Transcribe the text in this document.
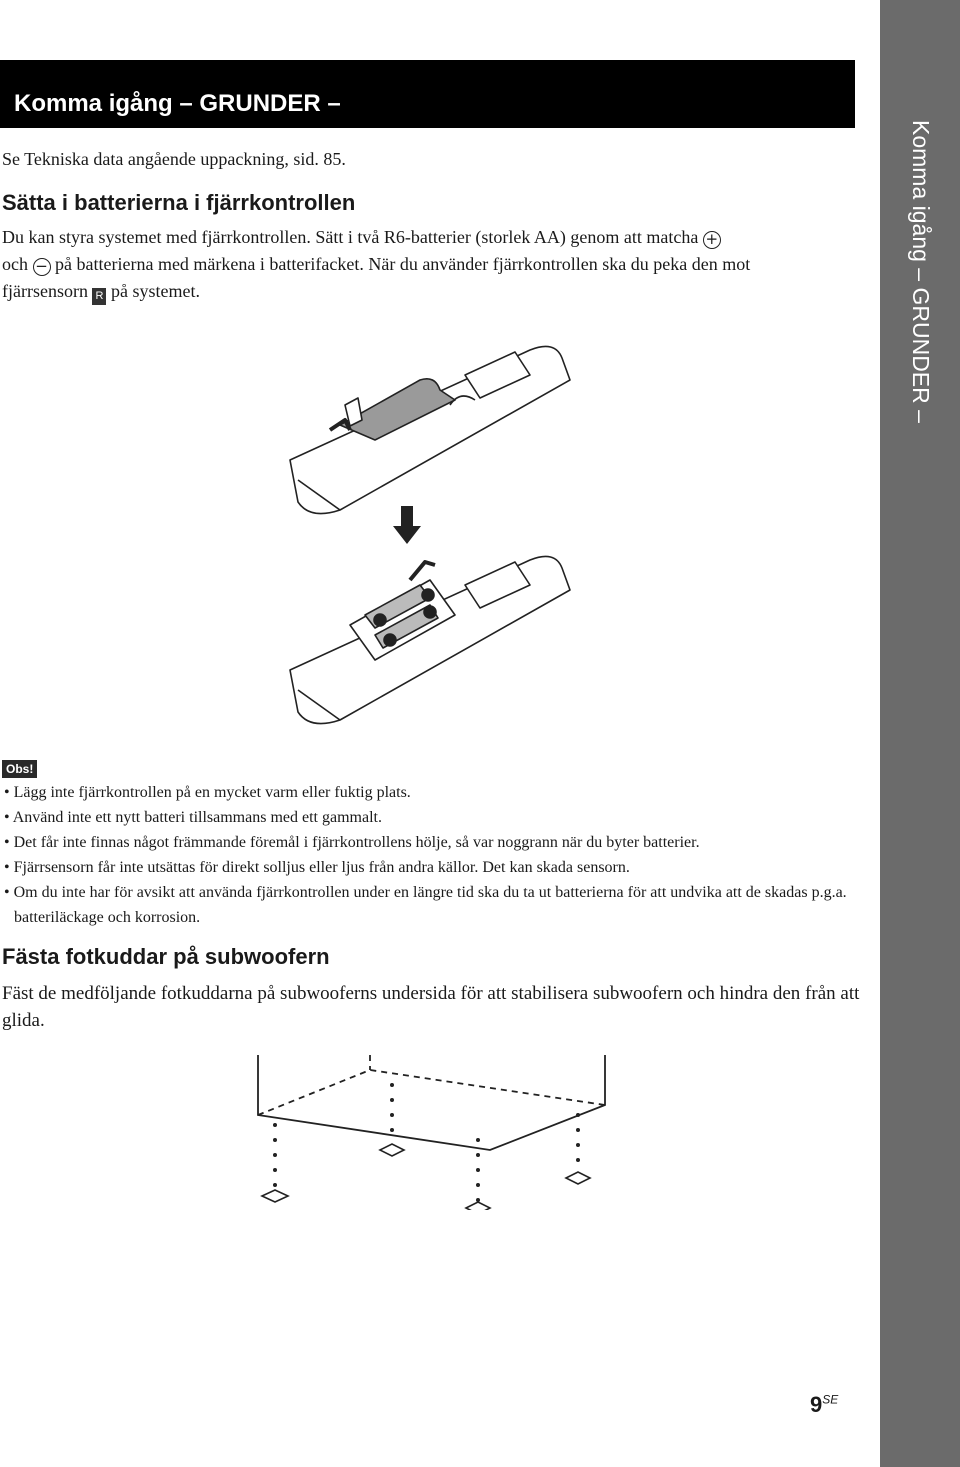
Komma igång – GRUNDER –
Komma igång – GRUNDER –
Se Tekniska data angående uppackning, sid. 85.
Sätta i batterierna i fjärrkontrollen
Du kan styra systemet med fjärrkontrollen. Sätt i två R6-batterier (storlek AA) genom att matcha +
och − på batterierna med märkena i batterifacket. När du använder fjärrkontrollen ska du peka den mot
fjärrsensorn R på systemet.
Obs!
• Lägg inte fjärrkontrollen på en mycket varm eller fuktig plats.
• Använd inte ett nytt batteri tillsammans med ett gammalt.
• Det får inte finnas något främmande föremål i fjärrkontrollens hölje, så var noggrann när du byter batterier.
• Fjärrsensorn får inte utsättas för direkt solljus eller ljus från andra källor. Det kan skada sensorn.
• Om du inte har för avsikt att använda fjärrkontrollen under en längre tid ska du ta ut batterierna för att undvika att de skadas p.g.a. batteriläckage och korrosion.
Fästa fotkuddar på subwoofern
Fäst de medföljande fotkuddarna på subwooferns undersida för att stabilisera subwoofern och hindra den från att glida.
$9^{SE}$
